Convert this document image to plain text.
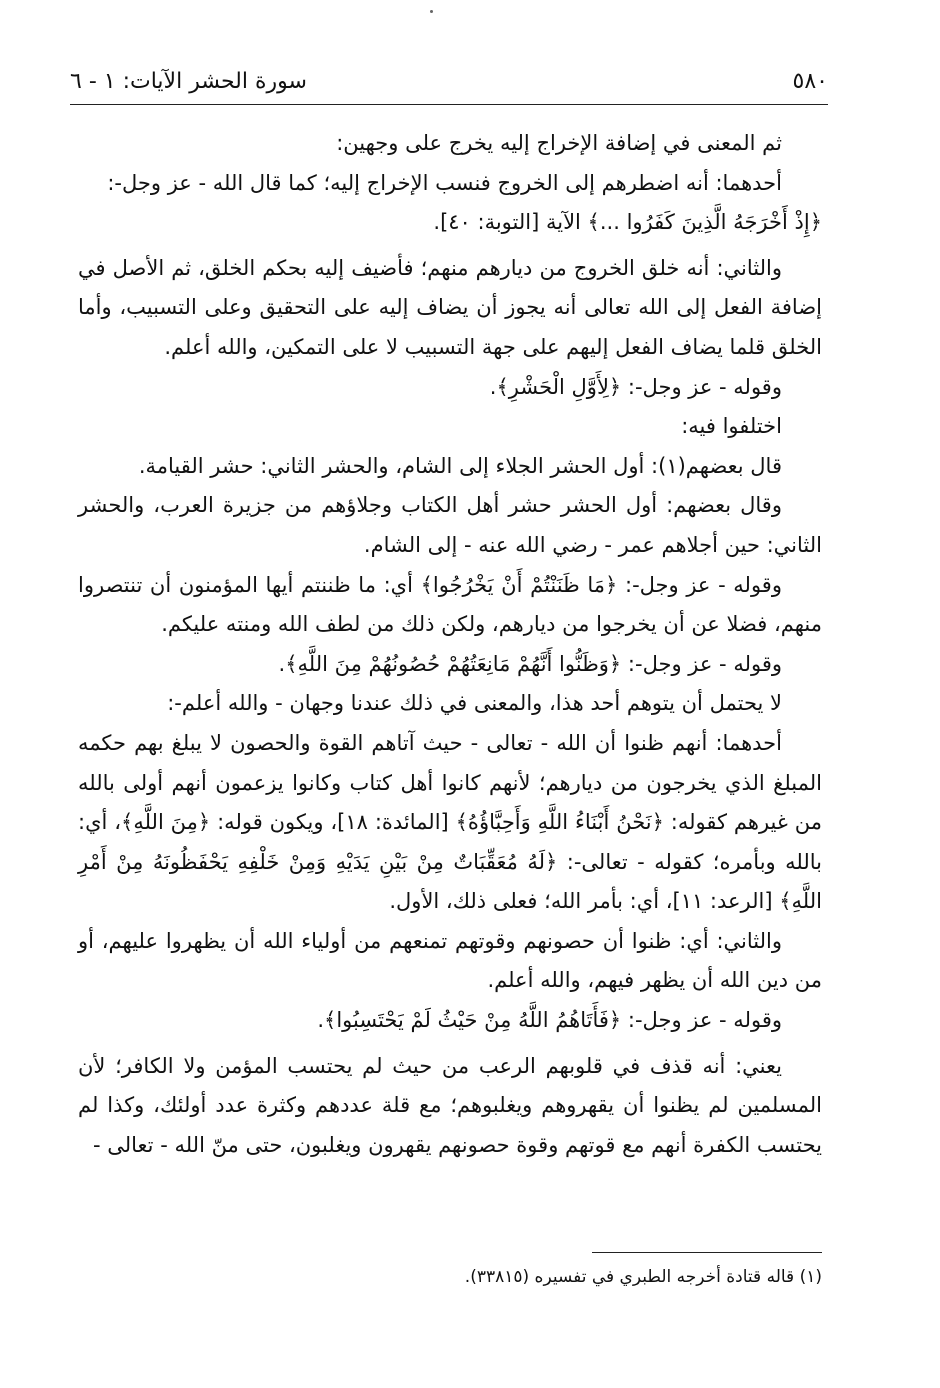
٥٨٠
سورة الحشر الآيات: ١ - ٦

ثم المعنى في إضافة الإخراج إليه يخرج على وجهين:

أحدهما: أنه اضطرهم إلى الخروج فنسب الإخراج إليه؛ كما قال الله - عز وجل-:

﴿إِذْ أَخْرَجَهُ الَّذِينَ كَفَرُوا ...﴾ الآية [التوبة: ٤٠].

والثاني: أنه خلق الخروج من ديارهم منهم؛ فأضيف إليه بحكم الخلق، ثم الأصل في إضافة الفعل إلى الله تعالى أنه يجوز أن يضاف إليه على التحقيق وعلى التسبيب، وأما الخلق قلما يضاف الفعل إليهم على جهة التسبيب لا على التمكين، والله أعلم.

وقوله - عز وجل-: ﴿لِأَوَّلِ الْحَشْرِ﴾.

اختلفوا فيه:

قال بعضهم(١): أول الحشر الجلاء إلى الشام، والحشر الثاني: حشر القيامة.

وقال بعضهم: أول الحشر حشر أهل الكتاب وجلاؤهم من جزيرة العرب، والحشر الثاني: حين أجلاهم عمر - رضي الله عنه - إلى الشام.

وقوله - عز وجل-: ﴿مَا ظَنَنْتُمْ أَنْ يَخْرُجُوا﴾ أي: ما ظننتم أيها المؤمنون أن تنتصروا منهم، فضلا عن أن يخرجوا من ديارهم، ولكن ذلك من لطف الله ومنته عليكم.

وقوله - عز وجل-: ﴿وَظَنُّوا أَنَّهُمْ مَانِعَتُهُمْ حُصُونُهُمْ مِنَ اللَّهِ﴾.

لا يحتمل أن يتوهم أحد هذا، والمعنى في ذلك عندنا وجهان - والله أعلم-:

أحدهما: أنهم ظنوا أن الله - تعالى - حيث آتاهم القوة والحصون لا يبلغ بهم حكمه المبلغ الذي يخرجون من ديارهم؛ لأنهم كانوا أهل كتاب وكانوا يزعمون أنهم أولى بالله من غيرهم كقوله: ﴿نَحْنُ أَبْنَاءُ اللَّهِ وَأَحِبَّاؤُهُ﴾ [المائدة: ١٨]، ويكون قوله: ﴿مِنَ اللَّهِ﴾، أي: بالله وبأمره؛ كقوله - تعالى-: ﴿لَهُ مُعَقِّبَاتٌ مِنْ بَيْنِ يَدَيْهِ وَمِنْ خَلْفِهِ يَحْفَظُونَهُ مِنْ أَمْرِ اللَّهِ﴾ [الرعد: ١١]، أي: بأمر الله؛ فعلى ذلك، الأول.

والثاني: أي: ظنوا أن حصونهم وقوتهم تمنعهم من أولياء الله أن يظهروا عليهم، أو من دين الله أن يظهر فيهم، والله أعلم.

وقوله - عز وجل-: ﴿فَأَتَاهُمُ اللَّهُ مِنْ حَيْثُ لَمْ يَحْتَسِبُوا﴾.

يعني: أنه قذف في قلوبهم الرعب من حيث لم يحتسب المؤمن ولا الكافر؛ لأن المسلمين لم يظنوا أن يقهروهم ويغلبوهم؛ مع قلة عددهم وكثرة عدد أولئك، وكذا لم يحتسب الكفرة أنهم مع قوتهم وقوة حصونهم يقهرون ويغلبون، حتى منّ الله - تعالى -

(١) قاله قتادة أخرجه الطبري في تفسيره (٣٣٨١٥).
